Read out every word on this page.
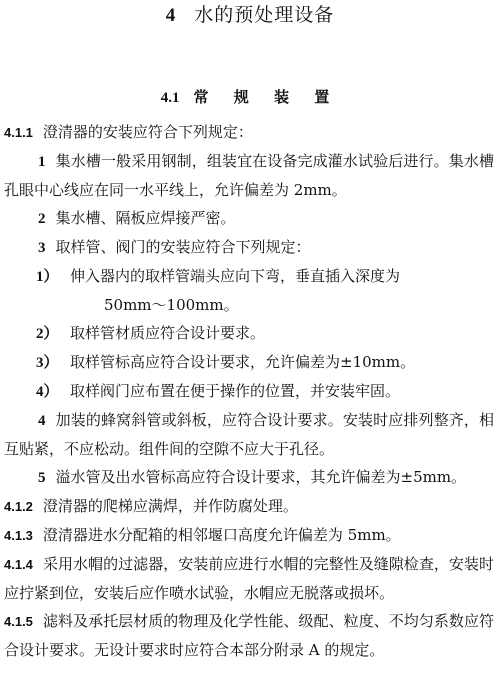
4 水的预处理设备
4.1 常 规 装 置

4.1.1 澄清器的安装应符合下列规定：

1 集水槽一般采用钢制，组装宜在设备完成灌水试验后进行。集水槽孔眼中心线应在同一水平线上，允许偏差为 2mm。

2 集水槽、隔板应焊接严密。

3 取样管、阀门的安装应符合下列规定：

1） 伸入器内的取样管端头应向下弯，垂直插入深度为

50mm～100mm。

2） 取样管材质应符合设计要求。

3） 取样管标高应符合设计要求，允许偏差为±10mm。

4） 取样阀门应布置在便于操作的位置，并安装牢固。

4 加装的蜂窝斜管或斜板，应符合设计要求。安装时应排列整齐，相互贴紧，不应松动。组件间的空隙不应大于孔径。

5 溢水管及出水管标高应符合设计要求，其允许偏差为±5mm。

4.1.2 澄清器的爬梯应满焊，并作防腐处理。

4.1.3 澄清器进水分配箱的相邻堰口高度允许偏差为 5mm。

4.1.4 采用水帽的过滤器，安装前应进行水帽的完整性及缝隙检查，安装时应拧紧到位，安装后应作喷水试验，水帽应无脱落或损坏。

4.1.5 滤料及承托层材质的物理及化学性能、级配、粒度、不均匀系数应符合设计要求。无设计要求时应符合本部分附录 A 的规定。
